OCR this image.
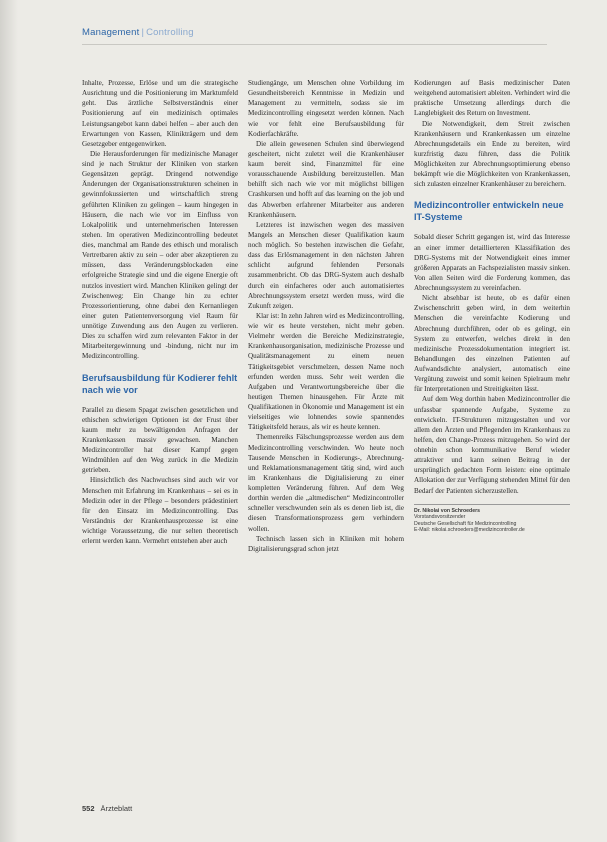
Management | Controlling

Inhalte, Prozesse, Erlöse und um die strategische Ausrichtung und die Positionierung im Marktumfeld geht. Das ärztliche Selbstverständnis einer Positionierung auf ein medizinisch optimales Leistungsangebot kann dabei helfen – aber auch den Erwartungen von Kassen, Klinikträgern und dem Gesetzgeber entgegenwirken.

Die Herausforderungen für medizinische Manager sind je nach Struktur der Kliniken von starken Gegensätzen geprägt. Dringend notwendige Änderungen der Organisationsstrukturen scheinen in gewinnfokussierten und wirtschaftlich streng geführten Kliniken zu gelingen – kaum hingegen in Häusern, die nach wie vor im Einfluss von Lokalpolitik und unternehmerischen Interessen stehen. Im operativen Medizincontrolling bedeutet dies, manchmal am Rande des ethisch und moralisch Vertretbaren aktiv zu sein – oder aber akzeptieren zu müssen, dass Veränderungsblockaden eine erfolgreiche Strategie sind und die eigene Energie oft nutzlos investiert wird. Manchen Kliniken gelingt der Zwischenweg: Ein Change hin zu echter Prozessorientierung, ohne dabei den Kernanliegen einer guten Patientenversorgung viel Raum für unnötige Zuwendung aus den Augen zu verlieren. Dies zu schaffen wird zum relevanten Faktor in der Mitarbeitergewinnung und -bindung, nicht nur im Medizincontrolling.

Berufsausbildung für Kodierer fehlt nach wie vor

Parallel zu diesem Spagat zwischen gesetzlichen und ethischen schwierigen Optionen ist der Frust über kaum mehr zu bewältigenden Anfragen der Krankenkassen massiv gewachsen. Manchen Medizincontroller hat dieser Kampf gegen Windmühlen auf den Weg zurück in die Medizin getrieben.

Hinsichtlich des Nachwuchses sind auch wir vor Menschen mit Erfahrung im Krankenhaus – sei es in Medizin oder in der Pflege – besonders prädestiniert für den Einsatz im Medizincontrolling. Das Verständnis der Krankenhausprozesse ist eine wichtige Voraussetzung, die nur selten theoretisch erlernt werden kann. Vermehrt entstehen aber auch

Studiengänge, um Menschen ohne Vorbildung im Gesundheitsbereich Kenntnisse in Medizin und Management zu vermitteln, sodass sie im Medizincontrolling eingesetzt werden können. Nach wie vor fehlt eine Berufsausbildung für Kodierfachkräfte.

Die allein gewesenen Schulen sind überwiegend gescheitert, nicht zuletzt weil die Krankenhäuser kaum bereit sind, Finanzmittel für eine vorausschauende Ausbildung bereitzustellen. Man behilft sich nach wie vor mit möglichst billigen Crashkursen und hofft auf das learning on the job und das Abwerben erfahrener Mitarbeiter aus anderen Krankenhäusern.

Letzteres ist inzwischen wegen des massiven Mangels an Menschen dieser Qualifikation kaum noch möglich. So bestehen inzwischen die Gefahr, dass das Erlösmanagement in den nächsten Jahren schlicht aufgrund fehlenden Personals zusammenbricht. Ob das DRG-System auch deshalb durch ein einfacheres oder auch automatisiertes Abrechnungssystem ersetzt werden muss, wird die Zukunft zeigen.

Klar ist: In zehn Jahren wird es Medizincontrolling, wie wir es heute verstehen, nicht mehr geben. Vielmehr werden die Bereiche Medizinstrategie, Krankenhausorganisation, medizinische Prozesse und Qualitätsmanagement zu einem neuen Tätigkeitsgebiet verschmelzen, dessen Name noch erfunden werden muss. Sehr weit werden die Aufgaben und Verantwortungsbereiche über die heutigen Themen hinausgehen. Für Ärzte mit Qualifikationen in Ökonomie und Management ist ein vielseitiges wie lohnendes sowie spannendes Tätigkeitsfeld heraus, als wir es heute kennen.

Themenreiks Fälschungsprozesse werden aus dem Medizincontrolling verschwinden. Wo heute noch Tausende Menschen in Kodierungs-, Abrechnung- und Reklamationsmanagement tätig sind, wird auch im Krankenhaus die Digitalisierung zu einer kompletten Veränderung führen. Auf dem Weg dorthin werden die „altmedischen“ Medizincontroller schneller verschwunden sein als es denen lieb ist, die diesen Transformationsprozess gern verhindern wollen.

Technisch lassen sich in Kliniken mit hohem Digitalisierungsgrad schon jetzt

Kodierungen auf Basis medizinischer Daten weitgehend automatisiert ableiten. Verhindert wird die praktische Umsetzung allerdings durch die Langlebigkeit des Return on Investment.

Die Notwendigkeit, dem Streit zwischen Krankenhäusern und Krankenkassen um einzelne Abrechnungsdetails ein Ende zu bereiten, wird kurzfristig dazu führen, dass die Politik Möglichkeiten zur Abrechnungsoptimierung ebenso bekämpft wie die Möglichkeiten von Krankenkassen, sich zulasten einzelner Krankenhäuser zu bereichern.

Medizincontroller entwickeln neue IT-Systeme

Sobald dieser Schritt gegangen ist, wird das Interesse an einer immer detaillierteren Klassifikation des DRG-Systems mit der Notwendigkeit eines immer größeren Apparats an Fachspezialisten massiv sinken. Von allen Seiten wird die Forderung kommen, das Abrechnungssystem zu vereinfachen.

Nicht absehbar ist heute, ob es dafür einen Zwischenschritt geben wird, in dem weiterhin Menschen die vereinfachte Kodierung und Abrechnung durchführen, oder ob es gelingt, ein System zu entwerfen, welches direkt in den medizinische Prozessdokumentation integriert ist. Behandlungen des einzelnen Patienten auf Aufwandsdichte analysiert, automatisch eine Vergütung zuweist und somit keinen Spielraum mehr für Interpretationen und Streitigkeiten lässt.

Auf dem Weg dorthin haben Medizincontroller die unfassbar spannende Aufgabe, Systeme zu entwickeln. IT-Strukturen mitzugestalten und vor allem den Ärzten und Pflegenden im Krankenhaus zu helfen, den Change-Prozess mitzugehen. So wird der ohnehin schon kommunikative Beruf wieder attraktiver und kann seinen Beitrag in der ursprünglich gedachten Form leisten: eine optimale Allokation der zur Verfügung stehenden Mittel für den Bedarf der Patienten sicherzustellen.

Dr. Nikolai von Schroeders
Vorstandsvorsitzender
Deutsche Gesellschaft für Medizincontrolling
E-Mail: nikolai.schroeders@medizincontroller.de
552 Ärzteblatt
